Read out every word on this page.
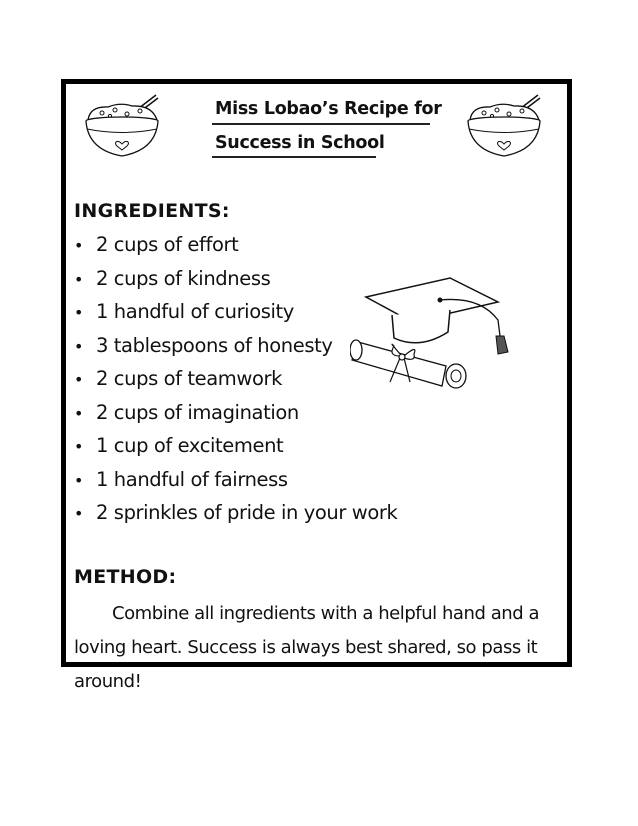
Miss Lobao’s Recipe for
Success in School
INGREDIENTS:
• 2 cups of effort
• 2 cups of kindness
• 1 handful of curiosity
• 3 tablespoons of honesty
• 2 cups of teamwork
• 2 cups of imagination
• 1 cup of excitement
• 1 handful of fairness
• 2 sprinkles of pride in your work
METHOD:
Combine all ingredients with a helpful hand and a loving heart. Success is always best shared, so pass it around!
